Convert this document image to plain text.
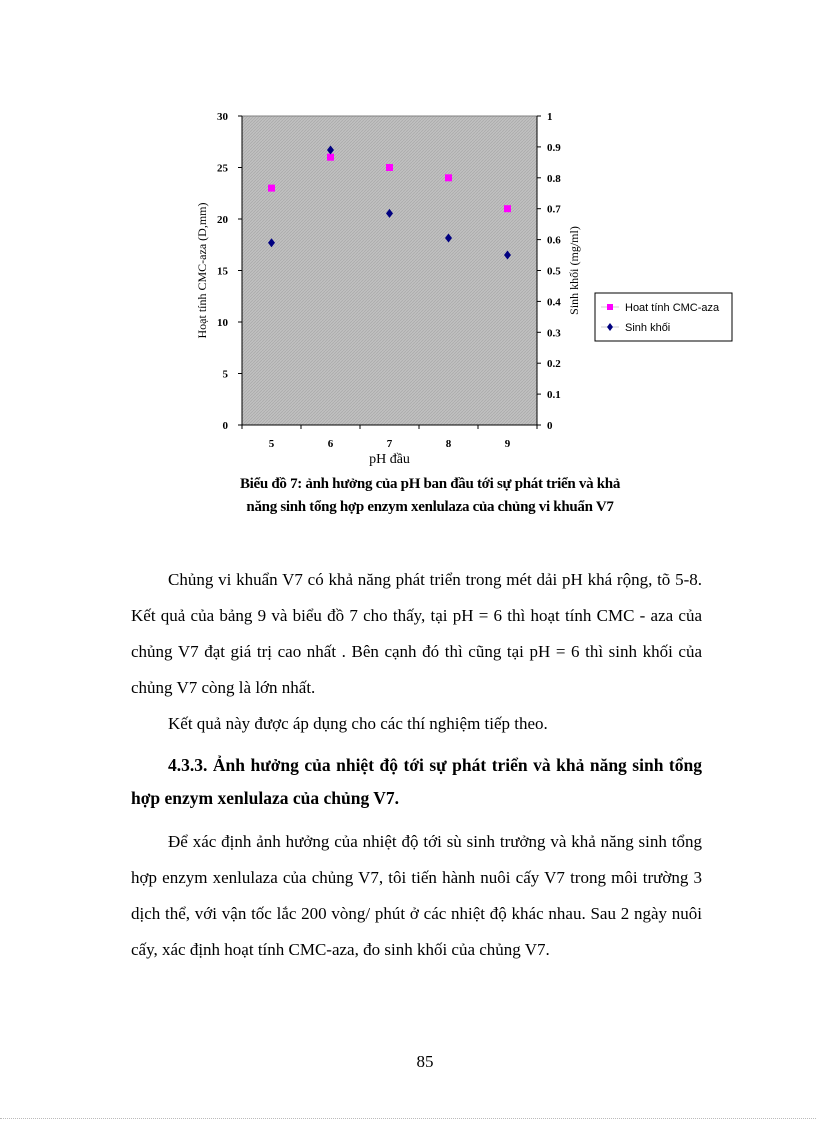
0
5
10
15
20
25
30
0
0.1
0.2
0.3
0.4
0.5
0.6
0.7
0.8
0.9
1
5	6	7	8	9
pH đầu
Hoạt tính CMC-aza (D,mm)	Sinh khối (mg/ml)	Hoat tính CMC-aza
Sinh khối
Biểu đồ 7: ảnh hưởng của pH ban đầu tới sự phát triển và khả
năng sinh tổng hợp enzym xenlulaza của chủng vi khuẩn V7

Chủng vi khuẩn V7 có khả năng phát triển trong mét dải pH khá rộng, tõ 5-8. Kết quả của bảng 9 và biểu đồ 7 cho thấy, tại pH = 6 thì hoạt tính CMC - aza của chủng V7 đạt giá trị cao nhất . Bên cạnh đó thì cũng tại pH = 6 thì sinh khối của chủng V7 còng là lớn nhất.

Kết quả này được áp dụng cho các thí nghiệm tiếp theo.

4.3.3. Ảnh hưởng của nhiệt độ tới sự phát triển và khả năng sinh tổng hợp enzym xenlulaza của chủng V7.

Để xác định ảnh hưởng của nhiệt độ tới sù sinh trưởng và khả năng sinh tổng hợp enzym xenlulaza của chủng V7, tôi tiến hành nuôi cấy V7 trong môi trường 3 dịch thể, với vận tốc lắc 200 vòng/ phút ở các nhiệt độ khác nhau. Sau 2 ngày nuôi cấy, xác định hoạt tính CMC-aza, đo sinh khối của chủng V7.

85
